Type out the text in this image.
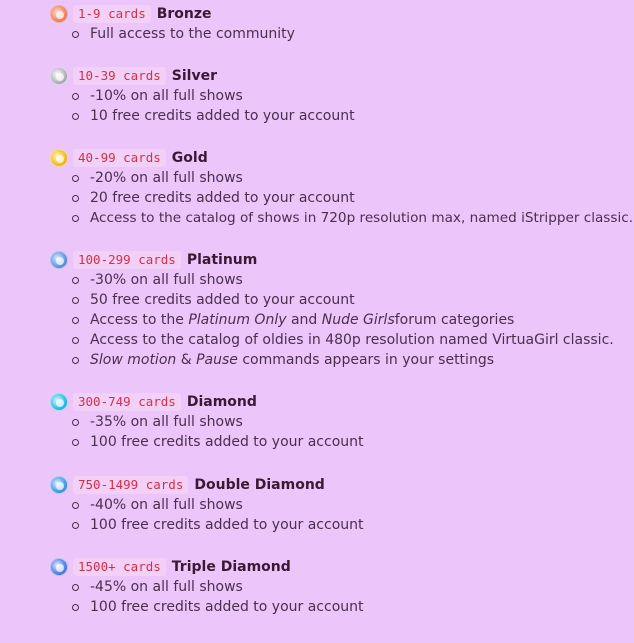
1-9 cards Bronze
Full access to the community
10-39 cards Silver
-10% on all full shows
10 free credits added to your account
40-99 cards Gold
-20% on all full shows
20 free credits added to your account
Access to the catalog of shows in 720p resolution max, named iStripper classic.
100-299 cards Platinum
-30% on all full shows
50 free credits added to your account
Access to the Platinum Only and Nude Girlsforum categories
Access to the catalog of oldies in 480p resolution named VirtuaGirl classic.
Slow motion & Pause commands appears in your settings
300-749 cards Diamond
-35% on all full shows
100 free credits added to your account
750-1499 cards Double Diamond
-40% on all full shows
100 free credits added to your account
1500+ cards Triple Diamond
-45% on all full shows
100 free credits added to your account
